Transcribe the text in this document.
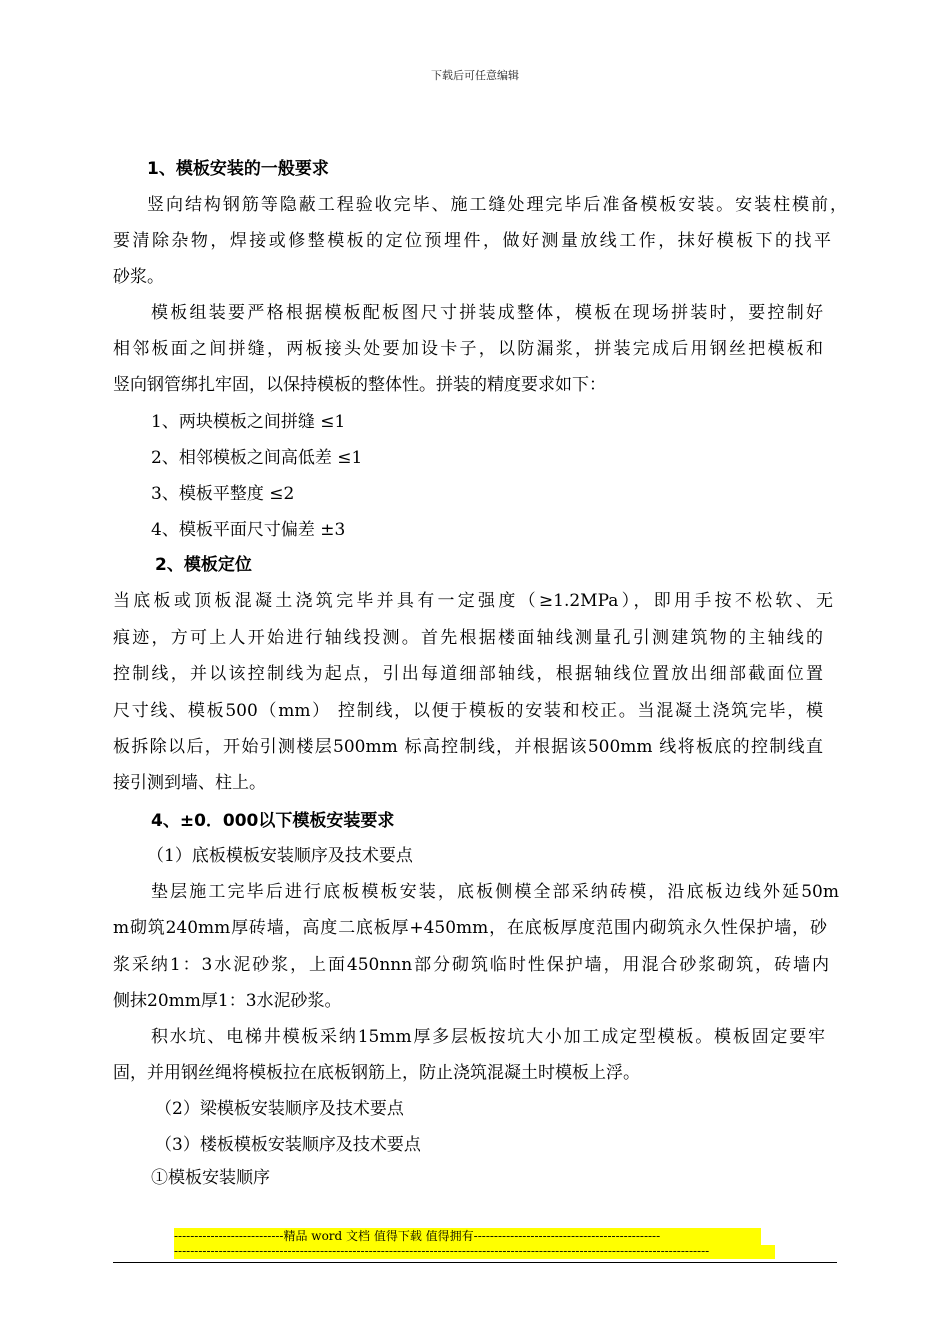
下载后可任意编辑
1、模板安装的一般要求
竖向结构钢筋等隐蔽工程验收完毕、施工缝处理完毕后准备模板安装。安装柱模前，
要清除杂物，焊接或修整模板的定位预埋件，做好测量放线工作，抹好模板下的找平
砂浆。
模板组装要严格根据模板配板图尺寸拼装成整体，模板在现场拼装时，要控制好
相邻板面之间拼缝，两板接头处要加设卡子，以防漏浆，拼装完成后用钢丝把模板和
竖向钢管绑扎牢固，以保持模板的整体性。拼装的精度要求如下：
1、两块模板之间拼缝 ≤1
2、相邻模板之间高低差 ≤1
3、模板平整度 ≤2
4、模板平面尺寸偏差 ±3
2、模板定位
当底板或顶板混凝土浇筑完毕并具有一定强度（≥1.2MPa），即用手按不松软、无
痕迹，方可上人开始进行轴线投测。首先根据楼面轴线测量孔引测建筑物的主轴线的
控制线，并以该控制线为起点，引出每道细部轴线，根据轴线位置放出细部截面位置
尺寸线、模板500（mm） 控制线，以便于模板的安装和校正。当混凝土浇筑完毕，模
板拆除以后，开始引测楼层500mm 标高控制线，并根据该500mm 线将板底的控制线直
接引测到墙、柱上。
4、±0．000以下模板安装要求
（1）底板模板安装顺序及技术要点
垫层施工完毕后进行底板模板安装，底板侧模全部采纳砖模，沿底板边线外延50m
m砌筑240mm厚砖墙，高度二底板厚+450mm，在底板厚度范围内砌筑永久性保护墙，砂
浆采纳1：3水泥砂浆，上面450nnn部分砌筑临时性保护墙，用混合砂浆砌筑，砖墙内
侧抹20mm厚1：3水泥砂浆。
积水坑、电梯井模板采纳15mm厚多层板按坑大小加工成定型模板。模板固定要牢
固，并用钢丝绳将模板拉在底板钢筋上，防止浇筑混凝土时模板上浮。
（2）梁模板安装顺序及技术要点
（3）楼板模板安装顺序及技术要点
①模板安装顺序
---------------------------精品 word 文档 值得下载 值得拥有----------------------------------------------
------------------------------------------------------------------------------------------------------------------------------------
